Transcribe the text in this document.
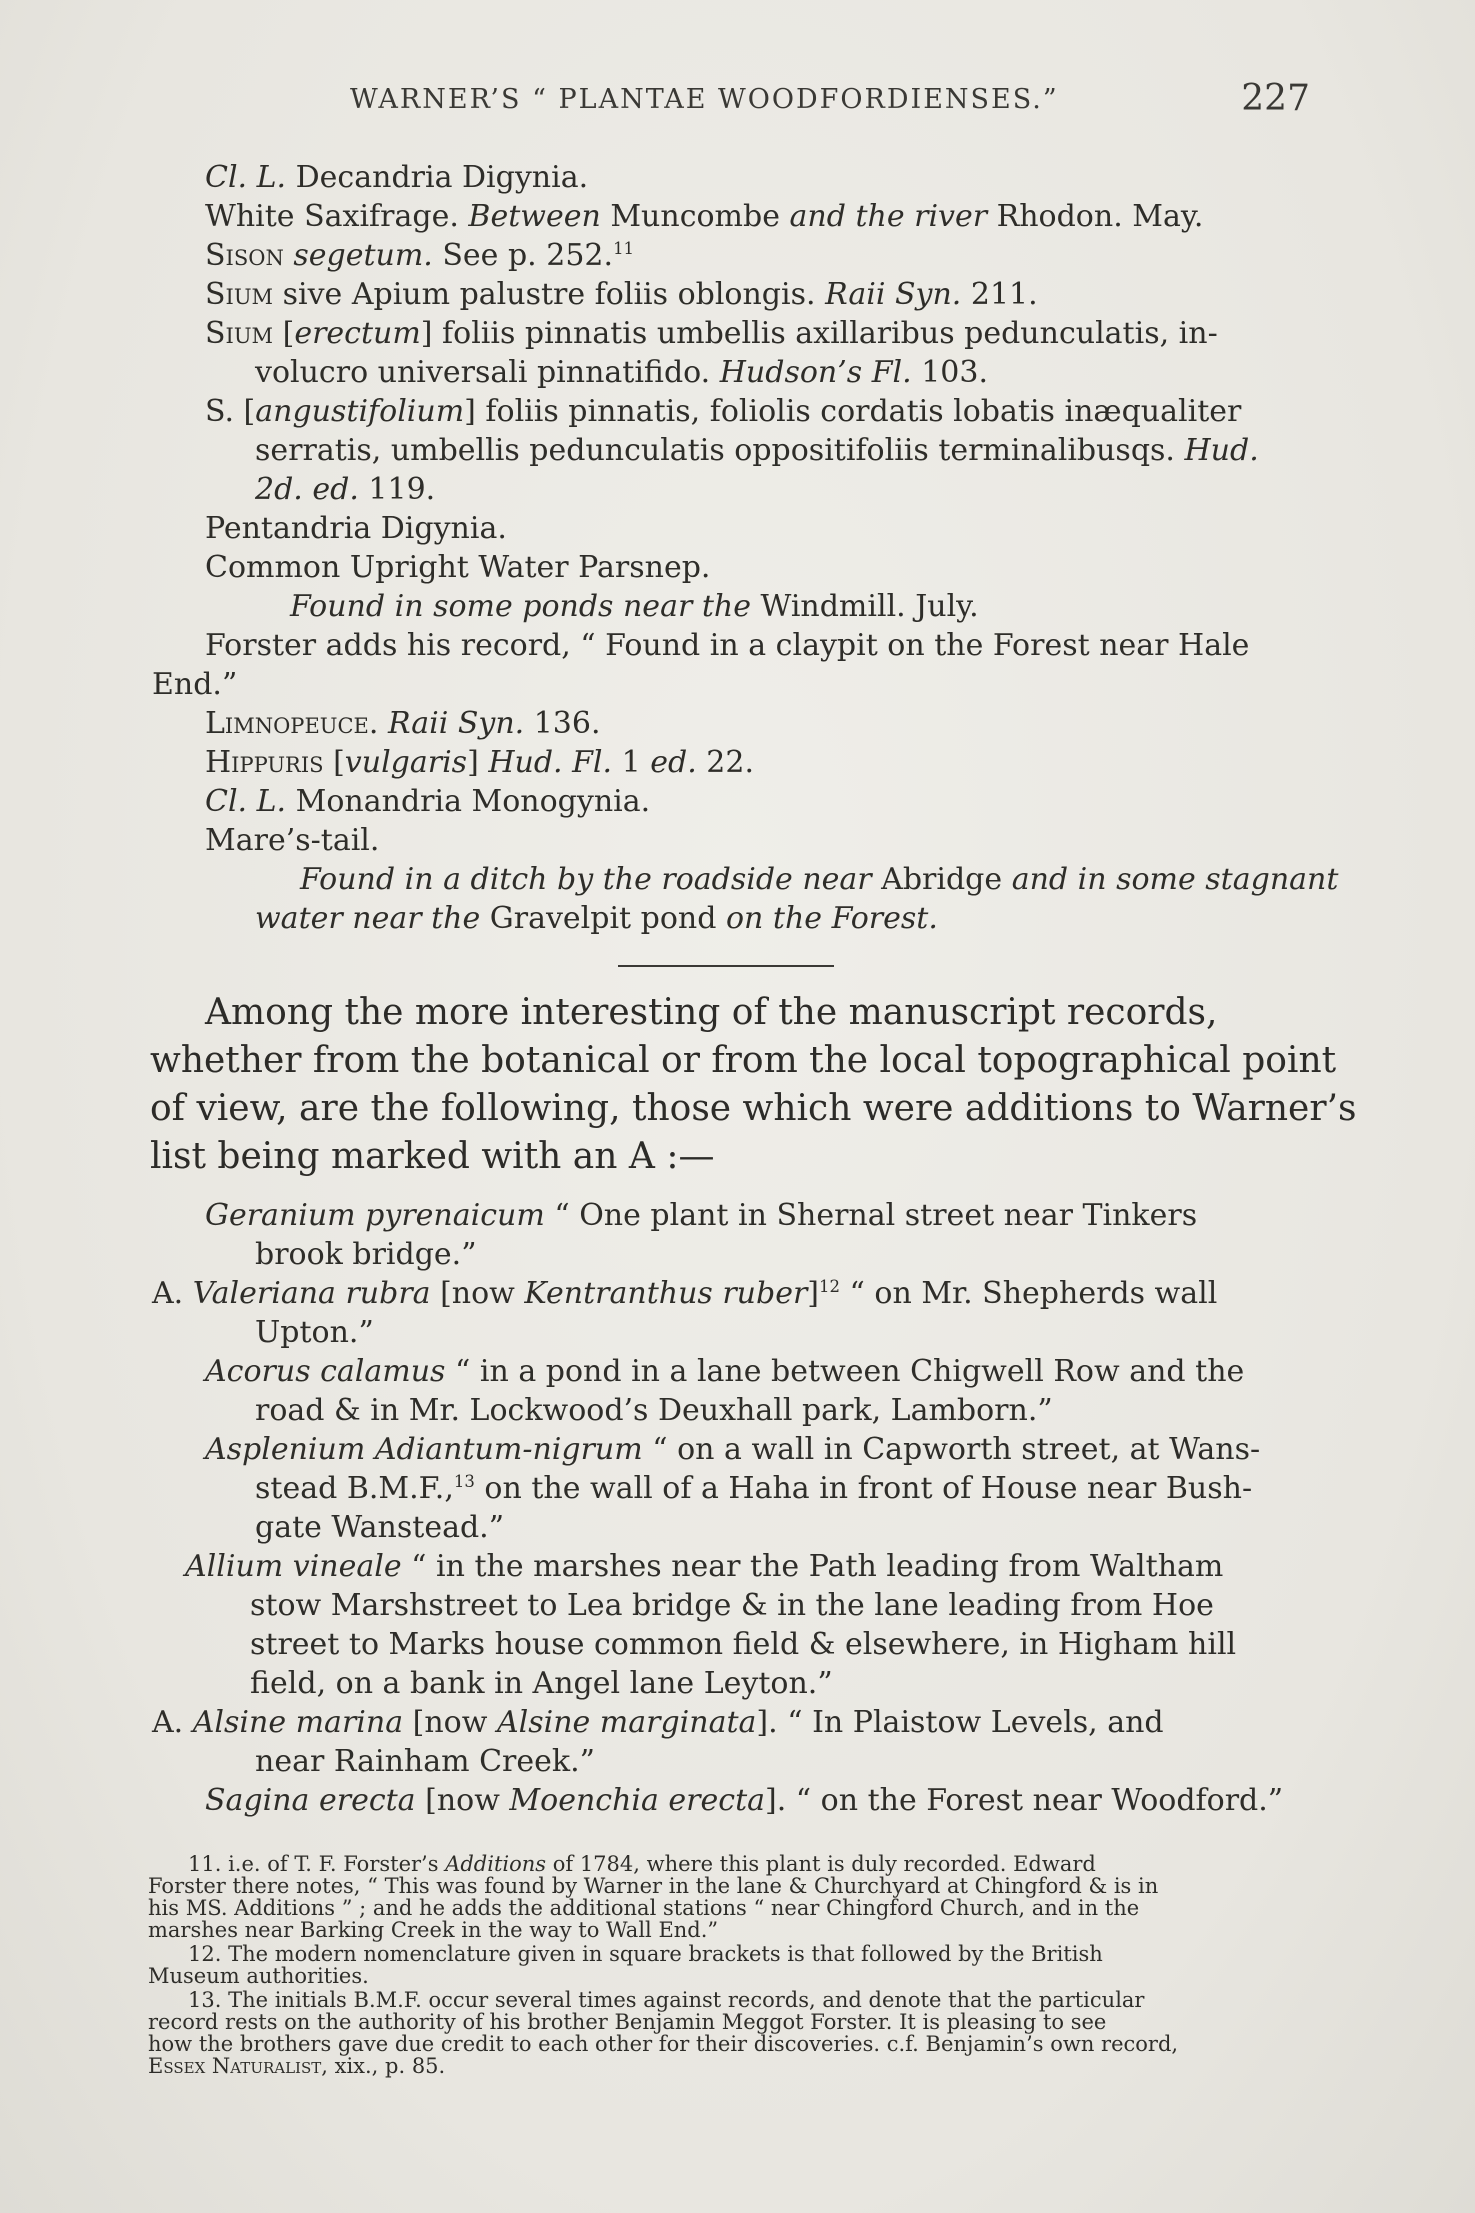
WARNER’S “ PLANTAE WOODFORDIENSES.”	227
Cl. L. Decandria Digynia.
White Saxifrage. Between Muncombe and the river Rhodon. May.
Sison segetum. See p. 252.11
Sium sive Apium palustre foliis oblongis. Raii Syn. 211.
Sium [erectum] foliis pinnatis umbellis axillaribus pedunculatis, in-
volucro universali pinnatifido. Hudson’s Fl. 103.
S. [angustifolium] foliis pinnatis, foliolis cordatis lobatis inæqualiter
serratis, umbellis pedunculatis oppositifoliis terminalibusqs. Hud.
2d. ed. 119.
Pentandria Digynia.
Common Upright Water Parsnep.
Found in some ponds near the Windmill. July.
Forster adds his record, “ Found in a claypit on the Forest near Hale
End.”
Limnopeuce. Raii Syn. 136.
Hippuris [vulgaris] Hud. Fl. 1 ed. 22.
Cl. L. Monandria Monogynia.
Mare’s-tail.
Found in a ditch by the roadside near Abridge and in some stagnant
water near the Gravelpit pond on the Forest.
Among the more interesting of the manuscript records,
whether from the botanical or from the local topographical point
of view, are the following, those which were additions to Warner’s
list being marked with an A :—
Geranium pyrenaicum “ One plant in Shernal street near Tinkers
brook bridge.”
A. Valeriana rubra [now Kentranthus ruber]$^{12}$ “ on Mr. Shepherds wall
Upton.”
Acorus calamus “ in a pond in a lane between Chigwell Row and the
road & in Mr. Lockwood’s Deuxhall park, Lamborn.”
Asplenium Adiantum-nigrum “ on a wall in Capworth street, at Wans-
stead B.M.F.,$^{13}$ on the wall of a Haha in front of House near Bush-
gate Wanstead.”
Allium vineale “ in the marshes near the Path leading from Waltham
stow Marshstreet to Lea bridge & in the lane leading from Hoe
street to Marks house common field & elsewhere, in Higham hill
field, on a bank in Angel lane Leyton.”
A. Alsine marina [now Alsine marginata]. “ In Plaistow Levels, and
near Rainham Creek.”
Sagina erecta [now Moenchia erecta]. “ on the Forest near Woodford.”
11. i.e. of T. F. Forster’s Additions of 1784, where this plant is duly recorded. Edward
Forster there notes, “ This was found by Warner in the lane & Churchyard at Chingford & is in
his MS. Additions ” ; and he adds the additional stations “ near Chingford Church, and in the
marshes near Barking Creek in the way to Wall End.”
12. The modern nomenclature given in square brackets is that followed by the British
Museum authorities.
13. The initials B.M.F. occur several times against records, and denote that the particular
record rests on the authority of his brother Benjamin Meggot Forster. It is pleasing to see
how the brothers gave due credit to each other for their discoveries. c.f. Benjamin’s own record,
Essex Naturalist, xix., p. 85.
